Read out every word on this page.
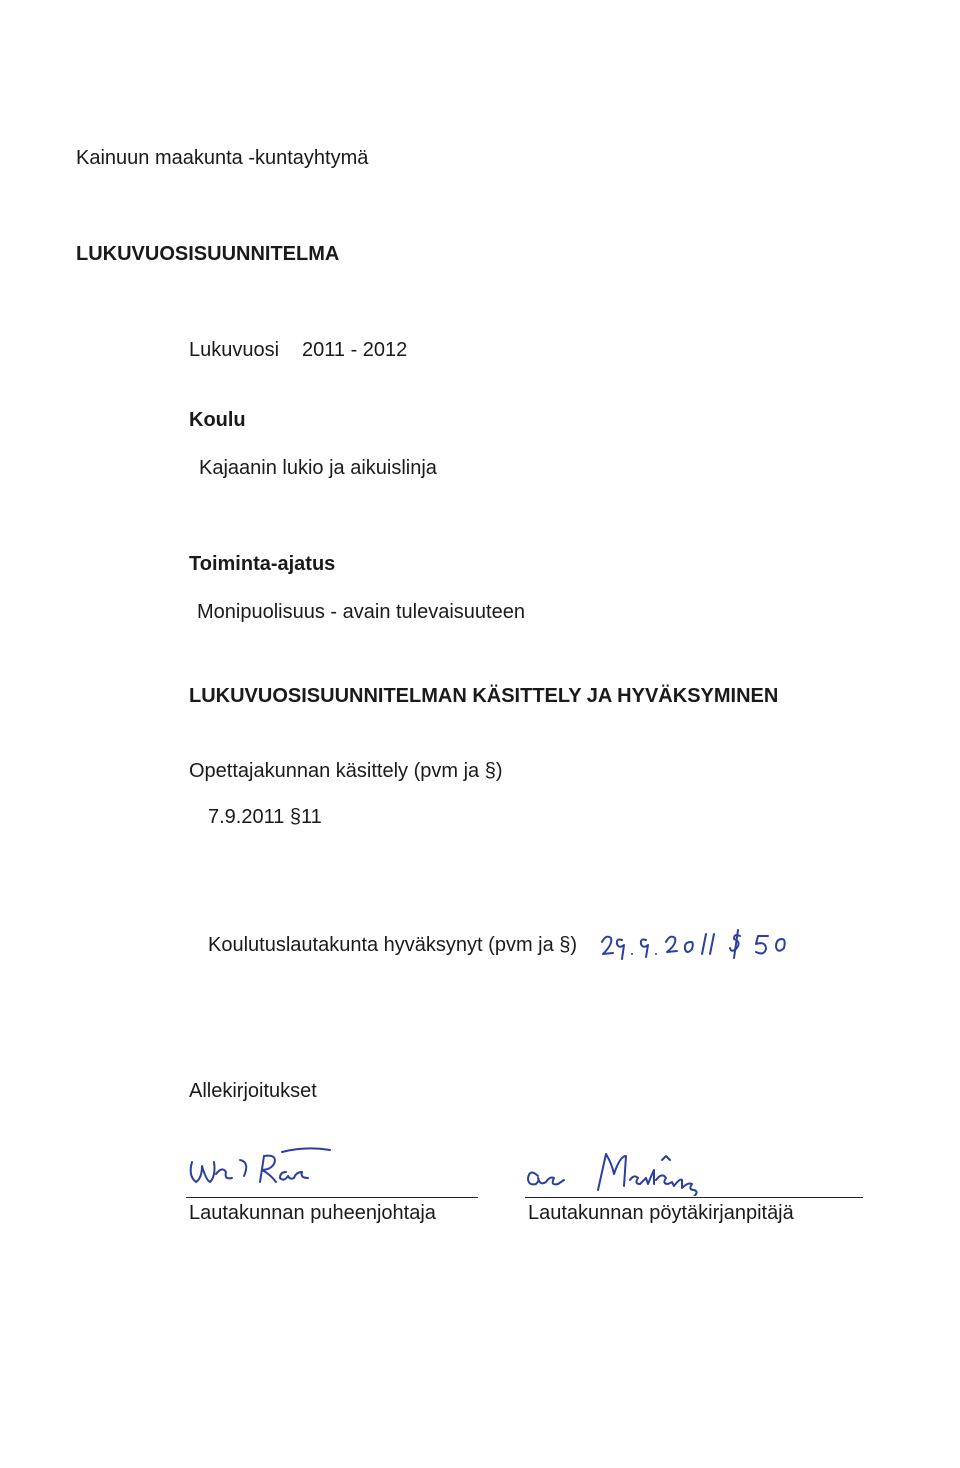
Kainuun maakunta -kuntayhtymä
LUKUVUOSISUUNNITELMA
Lukuvuosi 2011 - 2012
Koulu
Kajaanin lukio ja aikuislinja
Toiminta-ajatus
Monipuolisuus - avain tulevaisuuteen
LUKUVUOSISUUNNITELMAN KÄSITTELY JA HYVÄKSYMINEN
Opettajakunnan käsittely (pvm ja §)
7.9.2011 §11
Koulutuslautakunta hyväksynyt (pvm ja §)
Allekirjoitukset
Lautakunnan puheenjohtaja	Lautakunnan pöytäkirjanpitäjä
